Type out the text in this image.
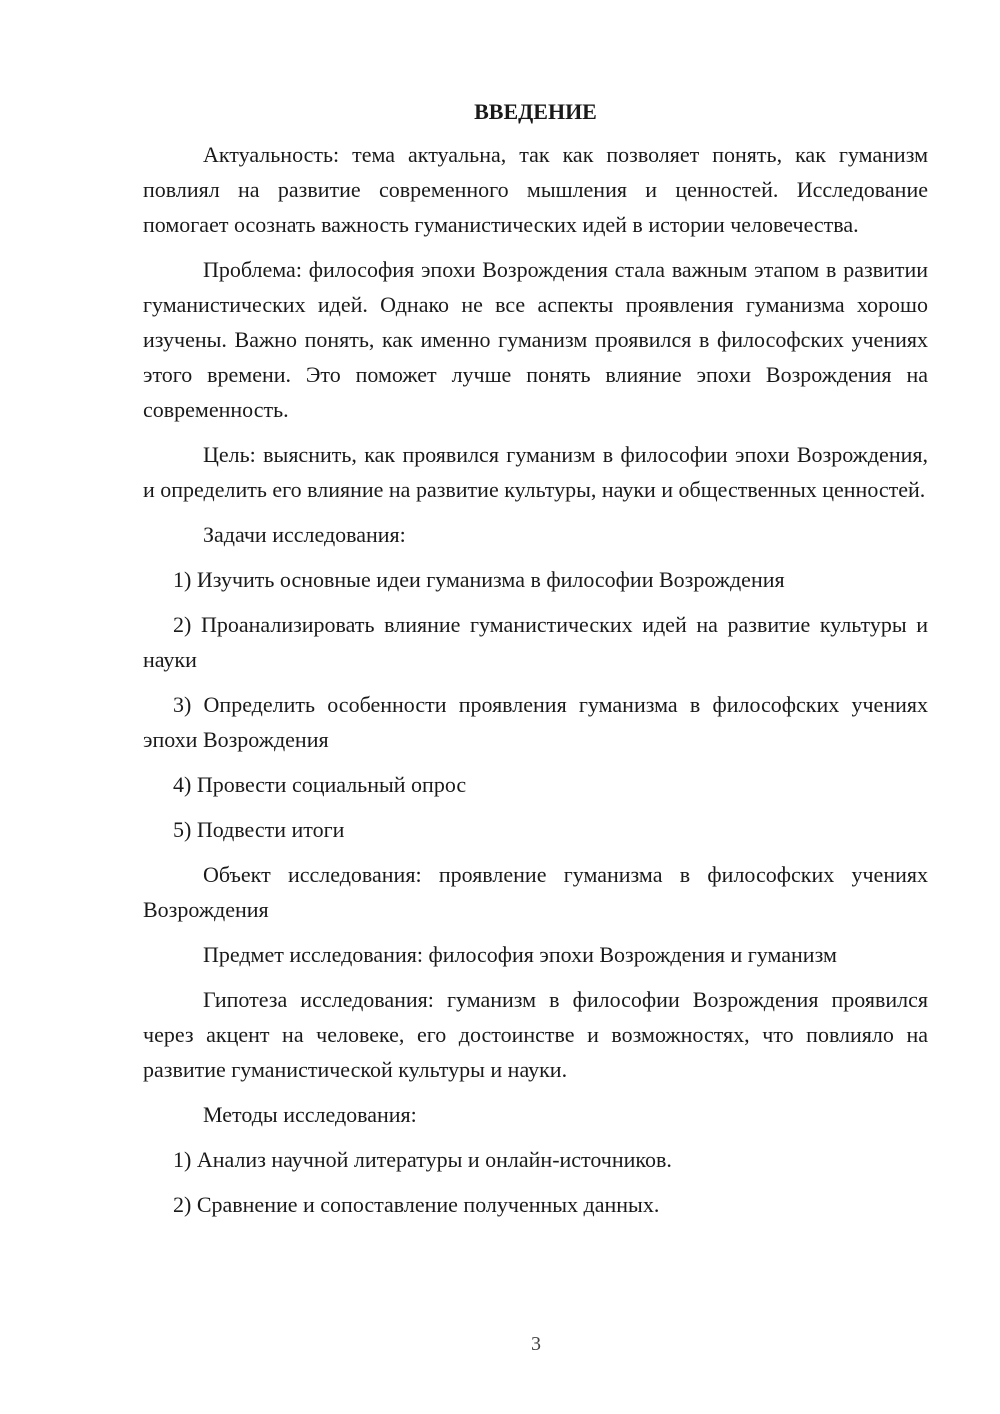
ВВЕДЕНИЕ
Актуальность: тема актуальна, так как позволяет понять, как гуманизм повлиял на развитие современного мышления и ценностей. Исследование помогает осознать важность гуманистических идей в истории человечества.
Проблема: философия эпохи Возрождения стала важным этапом в развитии гуманистических идей. Однако не все аспекты проявления гуманизма хорошо изучены. Важно понять, как именно гуманизм проявился в философских учениях этого времени. Это поможет лучше понять влияние эпохи Возрождения на современность.
Цель: выяснить, как проявился гуманизм в философии эпохи Возрождения, и определить его влияние на развитие культуры, науки и общественных ценностей.
Задачи исследования:
1) Изучить основные идеи гуманизма в философии Возрождения
2) Проанализировать влияние гуманистических идей на развитие культуры и науки
3) Определить особенности проявления гуманизма в философских учениях эпохи Возрождения
4) Провести социальный опрос
5) Подвести итоги
Объект исследования: проявление гуманизма в философских учениях Возрождения
Предмет исследования: философия эпохи Возрождения и гуманизм
Гипотеза исследования: гуманизм в философии Возрождения проявился через акцент на человеке, его достоинстве и возможностях, что повлияло на развитие гуманистической культуры и науки.
Методы исследования:
1) Анализ научной литературы и онлайн-источников.
2) Сравнение и сопоставление полученных данных.
3
